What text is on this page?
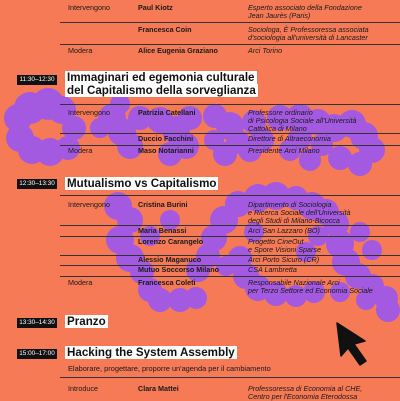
Intervengono	Paul Kiotz	Esperto associato della Fondazione
Jean Jaurès (Paris)
Francesca Coin	Sociologa, È Professoressa associata
d'sociologia all'università di Lancaster
Modera	Alice Eugenia Graziano	Arci Torino
11:30–12:30 Immaginari ed egemonia culturale
del Capitalismo della sorveglianza
Intervengono	Patrizia Catellani	Professore ordinario
di Psicologia Sociale all'Università
Cattolica di Milano
Duccio Facchini	Direttore di Altraeconomia
Modera	Maso Notarianni	Presidente Arci Milano
12:30–13:30 Mutualismo vs Capitalismo
Intervengono	Cristina Burini	Dipartimento di Sociologia
e Ricerca Sociale dell'Università
degli Studi di Milano-Bicocca
Maria Benassi	Arci San Lazzaro (BO)
Lorenzo Carangelo	Progetto CineOut
e Spore Visioni Sparse
Alessio Maganuco	Arci Porto Sicuro (CR)
Mutuo Soccorso Milano	CSA Lambretta
Modera	Francesca Coleti	Responsabile Nazionale Arci
per Terzo Settore ed Economia Sociale
13:30–14:30 Pranzo
15:00–17:00 Hacking the System Assembly
Elaborare, progettare, proporre un'agenda per il cambiamento
Introduce	Clara Mattei	Professoressa di Economia al CHE,
Centro per l'Economia Eterodossa
